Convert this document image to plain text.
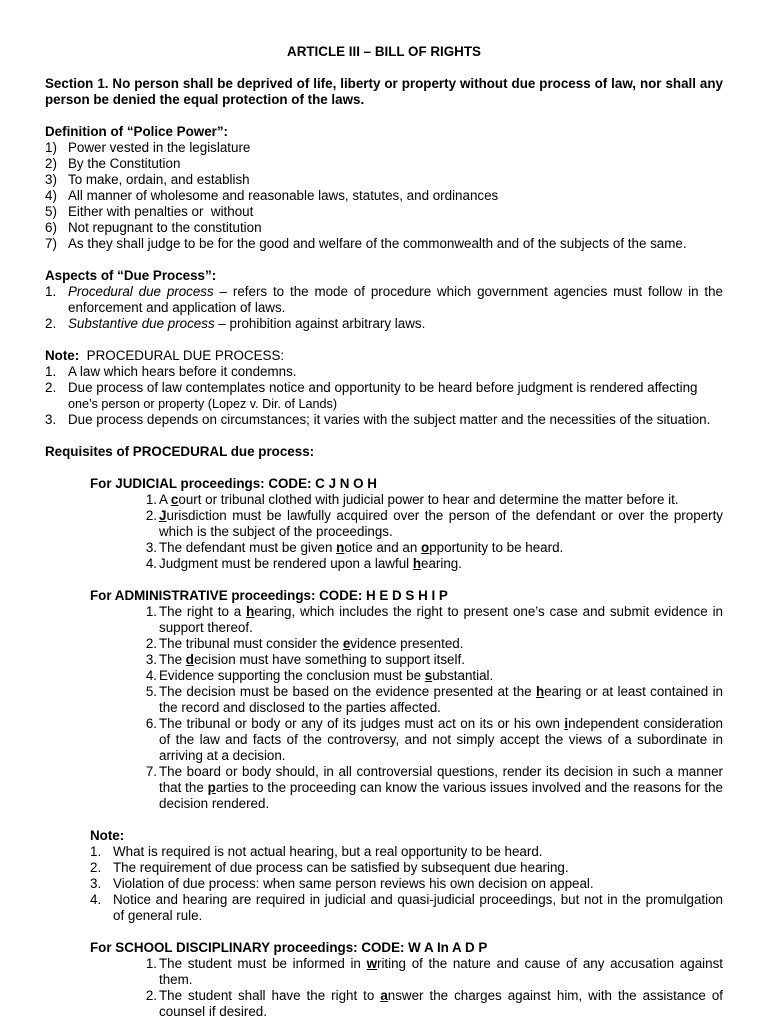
ARTICLE III – BILL OF RIGHTS
Section 1. No person shall be deprived of life, liberty or property without due process of law, nor shall any person be denied the equal protection of the laws.
Definition of “Police Power”:
1) Power vested in the legislature
2) By the Constitution
3) To make, ordain, and establish
4) All manner of wholesome and reasonable laws, statutes, and ordinances
5) Either with penalties or  without
6) Not repugnant to the constitution
7) As they shall judge to be for the good and welfare of the commonwealth and of the subjects of the same.
Aspects of “Due Process”:
1. Procedural due process – refers to the mode of procedure which government agencies must follow in the enforcement and application of laws.
2. Substantive due process – prohibition against arbitrary laws.
Note: PROCEDURAL DUE PROCESS:
1. A law which hears before it condemns.
2. Due process of law contemplates notice and opportunity to be heard before judgment is rendered affecting
one’s person or property (Lopez v. Dir. of Lands)
3. Due process depends on circumstances; it varies with the subject matter and the necessities of the situation.
Requisites of PROCEDURAL due process:
For JUDICIAL proceedings: CODE: C J N O H
1. A court or tribunal clothed with judicial power to hear and determine the matter before it.
2. Jurisdiction must be lawfully acquired over the person of the defendant or over the property which is the subject of the proceedings.
3. The defendant must be given notice and an opportunity to be heard.
4. Judgment must be rendered upon a lawful hearing.
For ADMINISTRATIVE proceedings: CODE: H E D S H I P
1. The right to a hearing, which includes the right to present one’s case and submit evidence in support thereof.
2. The tribunal must consider the evidence presented.
3. The decision must have something to support itself.
4. Evidence supporting the conclusion must be substantial.
5. The decision must be based on the evidence presented at the hearing or at least contained in the record and disclosed to the parties affected.
6. The tribunal or body or any of its judges must act on its or his own independent consideration of the law and facts of the controversy, and not simply accept the views of a subordinate in arriving at a decision.
7. The board or body should, in all controversial questions, render its decision in such a manner that the parties to the proceeding can know the various issues involved and the reasons for the decision rendered.
Note:
1. What is required is not actual hearing, but a real opportunity to be heard.
2. The requirement of due process can be satisfied by subsequent due hearing.
3. Violation of due process: when same person reviews his own decision on appeal.
4. Notice and hearing are required in judicial and quasi-judicial proceedings, but not in the promulgation of general rule.
For SCHOOL DISCIPLINARY proceedings: CODE: W A In A D P
1. The student must be informed in writing of the nature and cause of any accusation against them.
2. The student shall have the right to answer the charges against him, with the assistance of counsel if desired.
